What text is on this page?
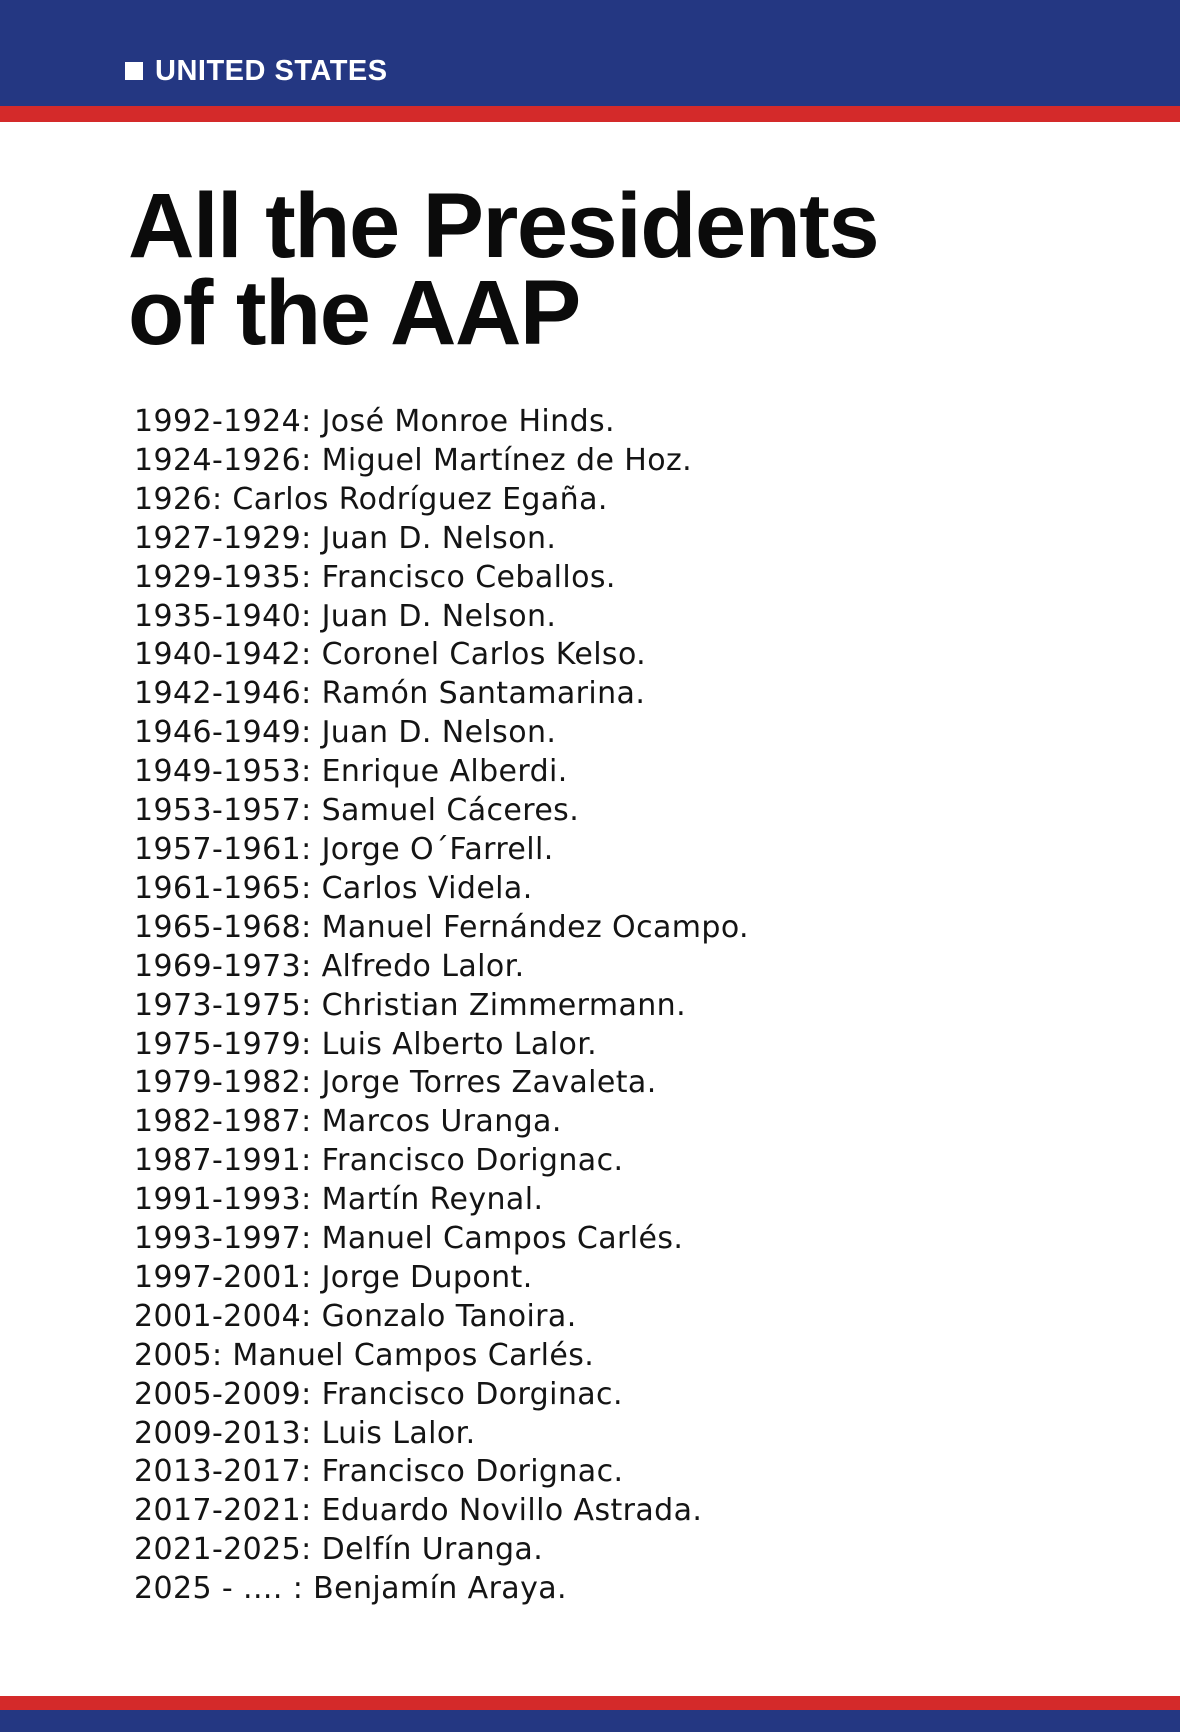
UNITED STATES
All the Presidents
of the AAP
1992-1924: José Monroe Hinds.
1924-1926: Miguel Martínez de Hoz.
1926: Carlos Rodríguez Egaña.
1927-1929: Juan D. Nelson.
1929-1935: Francisco Ceballos.
1935-1940: Juan D. Nelson.
1940-1942: Coronel Carlos Kelso.
1942-1946: Ramón Santamarina.
1946-1949: Juan D. Nelson.
1949-1953: Enrique Alberdi.
1953-1957: Samuel Cáceres.
1957-1961: Jorge O´Farrell.
1961-1965: Carlos Videla.
1965-1968: Manuel Fernández Ocampo.
1969-1973: Alfredo Lalor.
1973-1975: Christian Zimmermann.
1975-1979: Luis Alberto Lalor.
1979-1982: Jorge Torres Zavaleta.
1982-1987: Marcos Uranga.
1987-1991: Francisco Dorignac.
1991-1993: Martín Reynal.
1993-1997: Manuel Campos Carlés.
1997-2001: Jorge Dupont.
2001-2004: Gonzalo Tanoira.
2005: Manuel Campos Carlés.
2005-2009: Francisco Dorginac.
2009-2013: Luis Lalor.
2013-2017: Francisco Dorignac.
2017-2021: Eduardo Novillo Astrada.
2021-2025: Delfín Uranga.
2025 - .... : Benjamín Araya.
